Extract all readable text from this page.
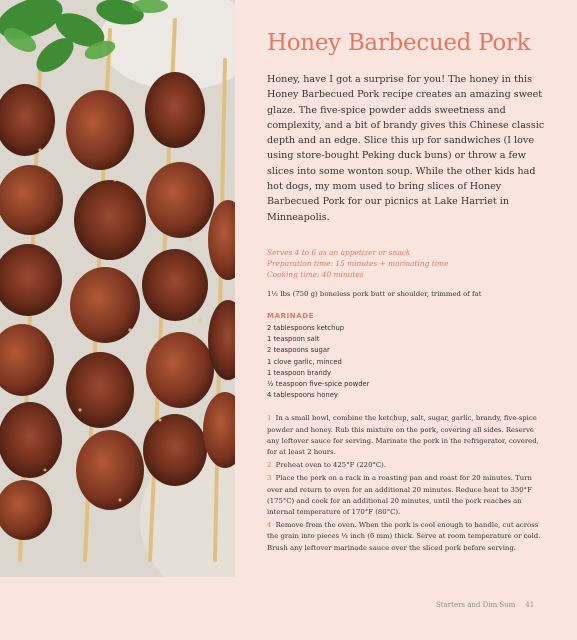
Honey Barbecued Pork

Honey, have I got a surprise for you! The honey in this Honey Barbecued Pork recipe creates an amazing sweet glaze. The five-spice powder adds sweetness and complexity, and a bit of brandy gives this Chinese classic depth and an edge. Slice this up for sandwiches (I love using store-bought Peking duck buns) or throw a few slices into some wonton soup. While the other kids had hot dogs, my mom used to bring slices of Honey Barbecued Pork for our picnics at Lake Harriet in Minneapolis.

Serves 4 to 6 as an appetizer or snack
Preparation time: 15 minutes + marinating time
Cooking time: 40 minutes
1½ lbs (750 g) boneless pork butt or shoulder, trimmed of fat
MARINADE
2 tablespoons ketchup
1 teaspoon salt
2 teaspoons sugar
1 clove garlic, minced
1 teaspoon brandy
½ teaspoon five-spice powder
4 tablespoons honey
1 In a small bowl, combine the ketchup, salt, sugar, garlic, brandy, five-spice powder and honey. Rub this mixture on the pork, covering all sides. Reserve any leftover sauce for serving. Marinate the pork in the refrigerator, covered, for at least 2 hours.
2 Preheat oven to 425°F (220°C).
3 Place the pork on a rack in a roasting pan and roast for 20 minutes. Turn over and return to oven for an additional 20 minutes. Reduce heat to 350°F (175°C) and cook for an additional 20 minutes, until the pork reaches an internal temperature of 170°F (80°C).
4 Remove from the oven. When the pork is cool enough to handle, cut across the grain into pieces ¼ inch (6 mm) thick. Serve at room temperature or cold. Brush any leftover marinade sauce over the sliced pork before serving.
Starters and Dim Sum 41
